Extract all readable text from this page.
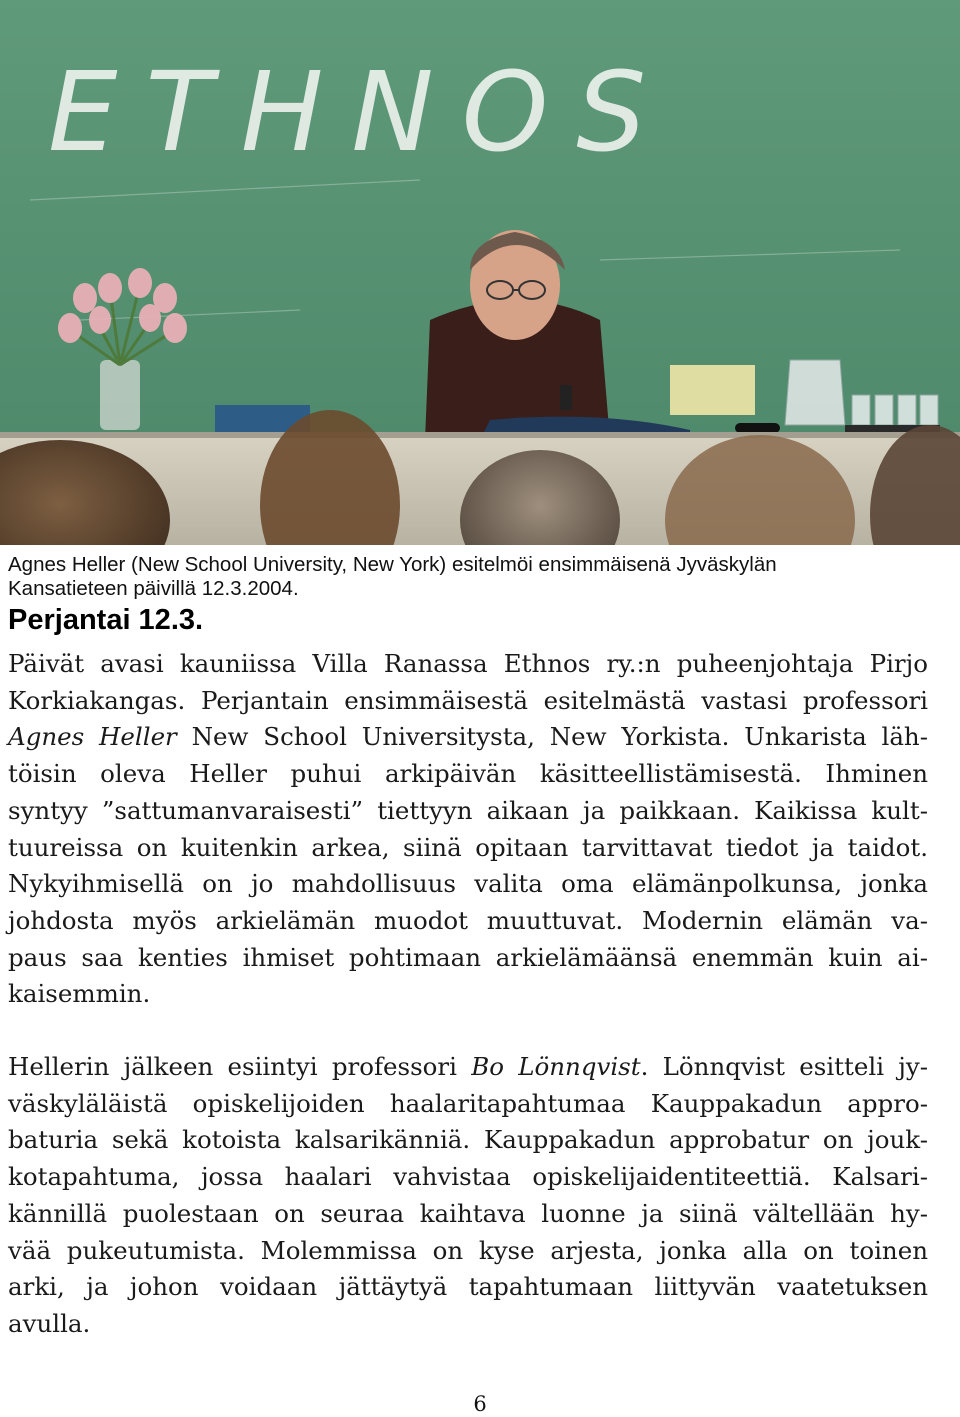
ETHNOS
Agnes Heller (New School University, New York) esitelmöi ensimmäisenä Jyväskylän
Kansatieteen päivillä 12.3.2004.
Perjantai 12.3.
Päivät avasi kauniissa Villa Ranassa Ethnos ry.:n puheenjohtaja Pirjo
Korkiakangas. Perjantain ensimmäisestä esitelmästä vastasi professori
Agnes Heller New School Universitysta, New Yorkista. Unkarista läh-
töisin oleva Heller puhui arkipäivän käsitteellistämisestä. Ihminen
syntyy ”sattumanvaraisesti” tiettyyn aikaan ja paikkaan. Kaikissa kult-
tuureissa on kuitenkin arkea, siinä opitaan tarvittavat tiedot ja taidot.
Nykyihmisellä on jo mahdollisuus valita oma elämänpolkunsa, jonka
johdosta myös arkielämän muodot muuttuvat. Modernin elämän va-
paus saa kenties ihmiset pohtimaan arkielämäänsä enemmän kuin ai-
kaisemmin.
Hellerin jälkeen esiintyi professori Bo Lönnqvist. Lönnqvist esitteli jy-
väskyläläistä opiskelijoiden haalaritapahtumaa Kauppakadun appro-
baturia sekä kotoista kalsarikänniä. Kauppakadun approbatur on jouk-
kotapahtuma, jossa haalari vahvistaa opiskelijaidentiteettiä. Kalsari-
kännillä puolestaan on seuraa kaihtava luonne ja siinä vältellään hy-
vää pukeutumista. Molemmissa on kyse arjesta, jonka alla on toinen
arki, ja johon voidaan jättäytyä tapahtumaan liittyvän vaatetuksen
avulla.
6
